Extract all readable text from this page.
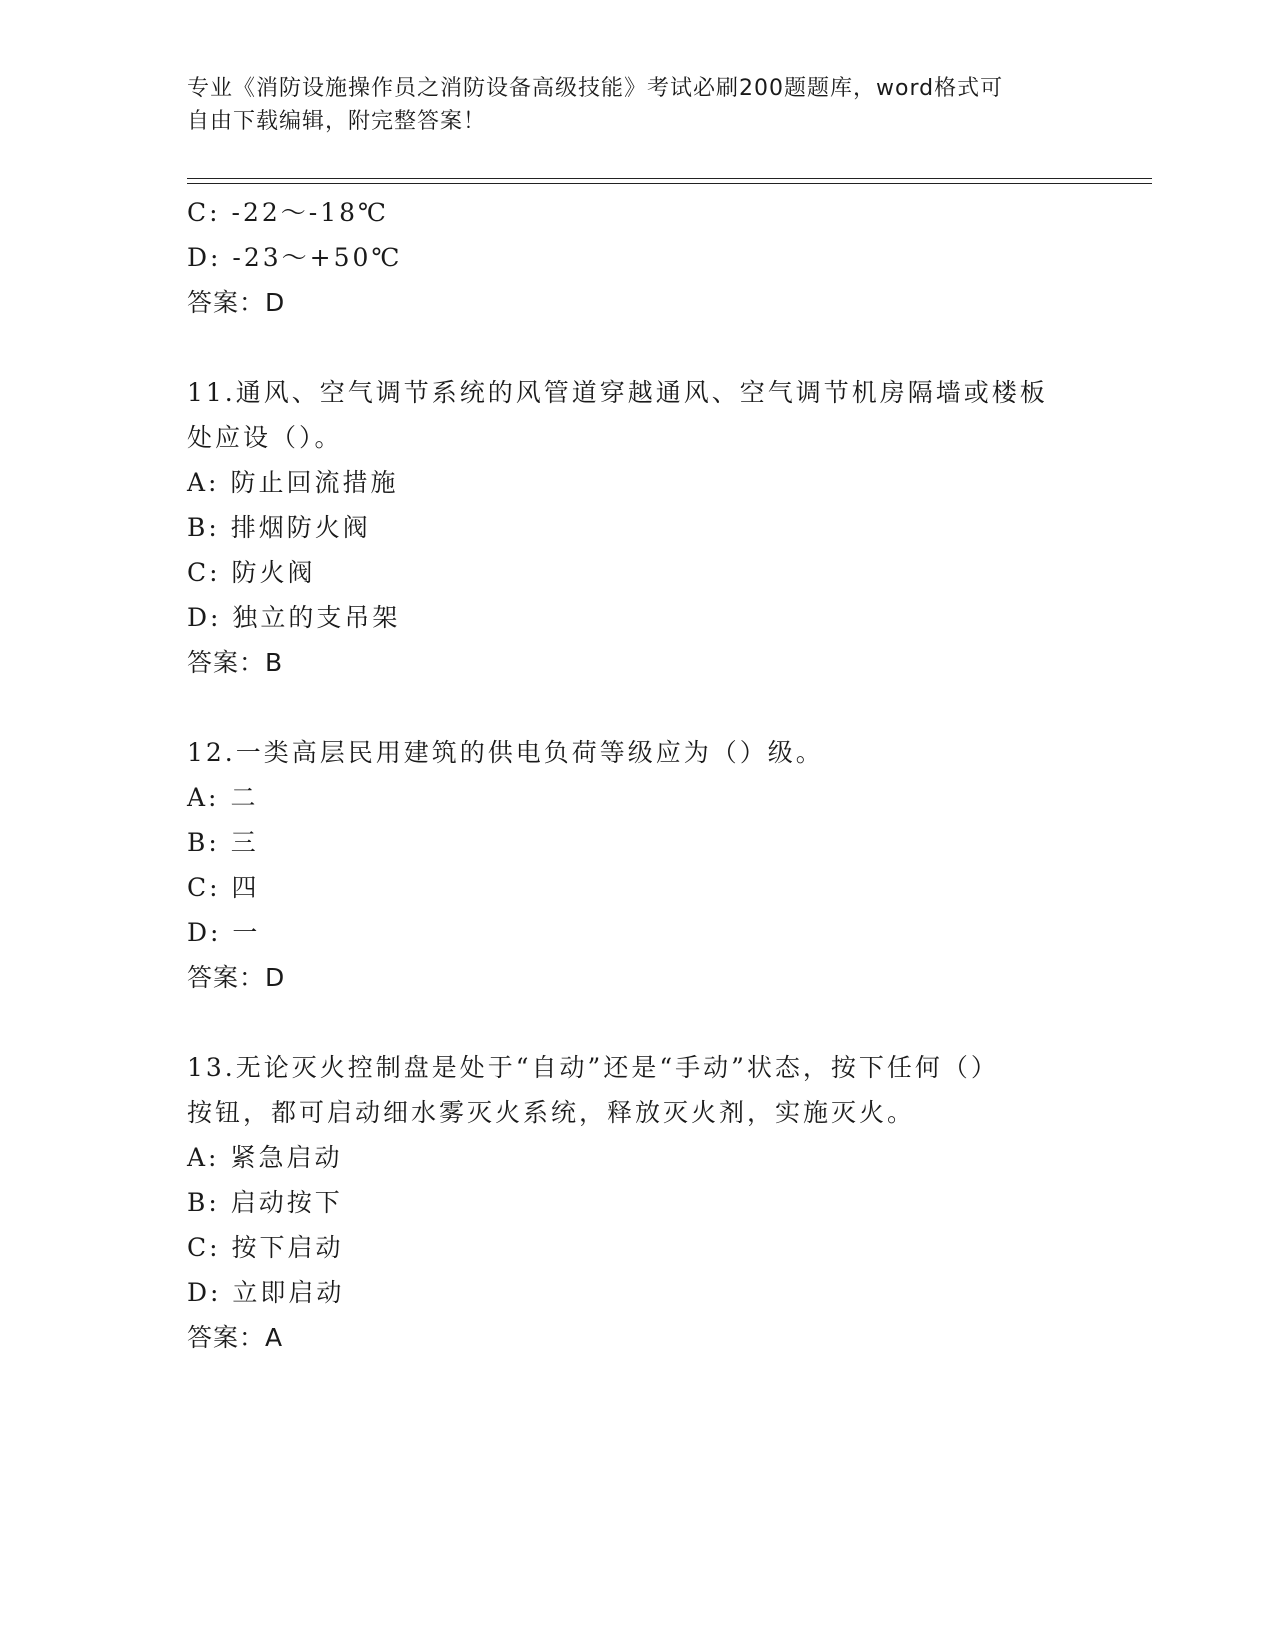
专业《消防设施操作员之消防设备高级技能》考试必刷200题题库，word格式可
自由下载编辑，附完整答案！
C: -22～-18℃
D: -23～+50℃
答案：D
11.通风、空气调节系统的风管道穿越通风、空气调节机房隔墙或楼板
处应设（）。
A: 防止回流措施
B: 排烟防火阀
C: 防火阀
D: 独立的支吊架
答案：B
12.一类高层民用建筑的供电负荷等级应为（）级。
A: 二
B: 三
C: 四
D: 一
答案：D
13.无论灭火控制盘是处于“自动”还是“手动”状态，按下任何（）
按钮，都可启动细水雾灭火系统，释放灭火剂，实施灭火。
A: 紧急启动
B: 启动按下
C: 按下启动
D: 立即启动
答案：A
